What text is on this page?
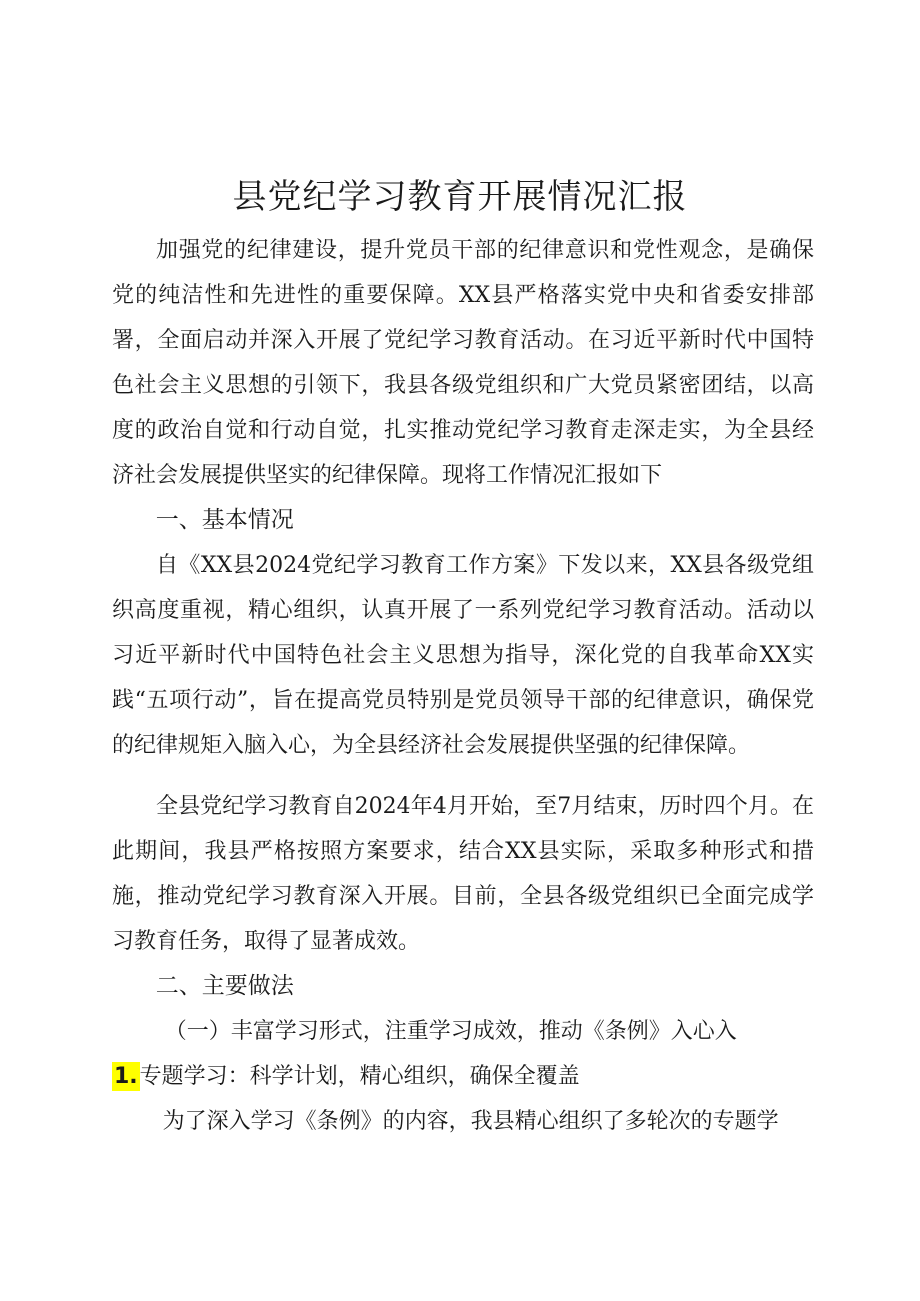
县党纪学习教育开展情况汇报

加强党的纪律建设，提升党员干部的纪律意识和党性观念，是确保党的纯洁性和先进性的重要保障。XX县严格落实党中央和省委安排部署，全面启动并深入开展了党纪学习教育活动。在习近平新时代中国特色社会主义思想的引领下，我县各级党组织和广大党员紧密团结，以高度的政治自觉和行动自觉，扎实推动党纪学习教育走深走实，为全县经济社会发展提供坚实的纪律保障。现将工作情况汇报如下

一、基本情况

自《XX县2024党纪学习教育工作方案》下发以来，XX县各级党组织高度重视，精心组织，认真开展了一系列党纪学习教育活动。活动以习近平新时代中国特色社会主义思想为指导，深化党的自我革命XX实践“五项行动”，旨在提高党员特别是党员领导干部的纪律意识，确保党的纪律规矩入脑入心，为全县经济社会发展提供坚强的纪律保障。

全县党纪学习教育自2024年4月开始，至7月结束，历时四个月。在此期间，我县严格按照方案要求，结合XX县实际，采取多种形式和措施，推动党纪学习教育深入开展。目前，全县各级党组织已全面完成学习教育任务，取得了显著成效。

二、主要做法

（一）丰富学习形式，注重学习成效，推动《条例》入心入

1.专题学习：科学计划，精心组织，确保全覆盖

为了深入学习《条例》的内容，我县精心组织了多轮次的专题学
